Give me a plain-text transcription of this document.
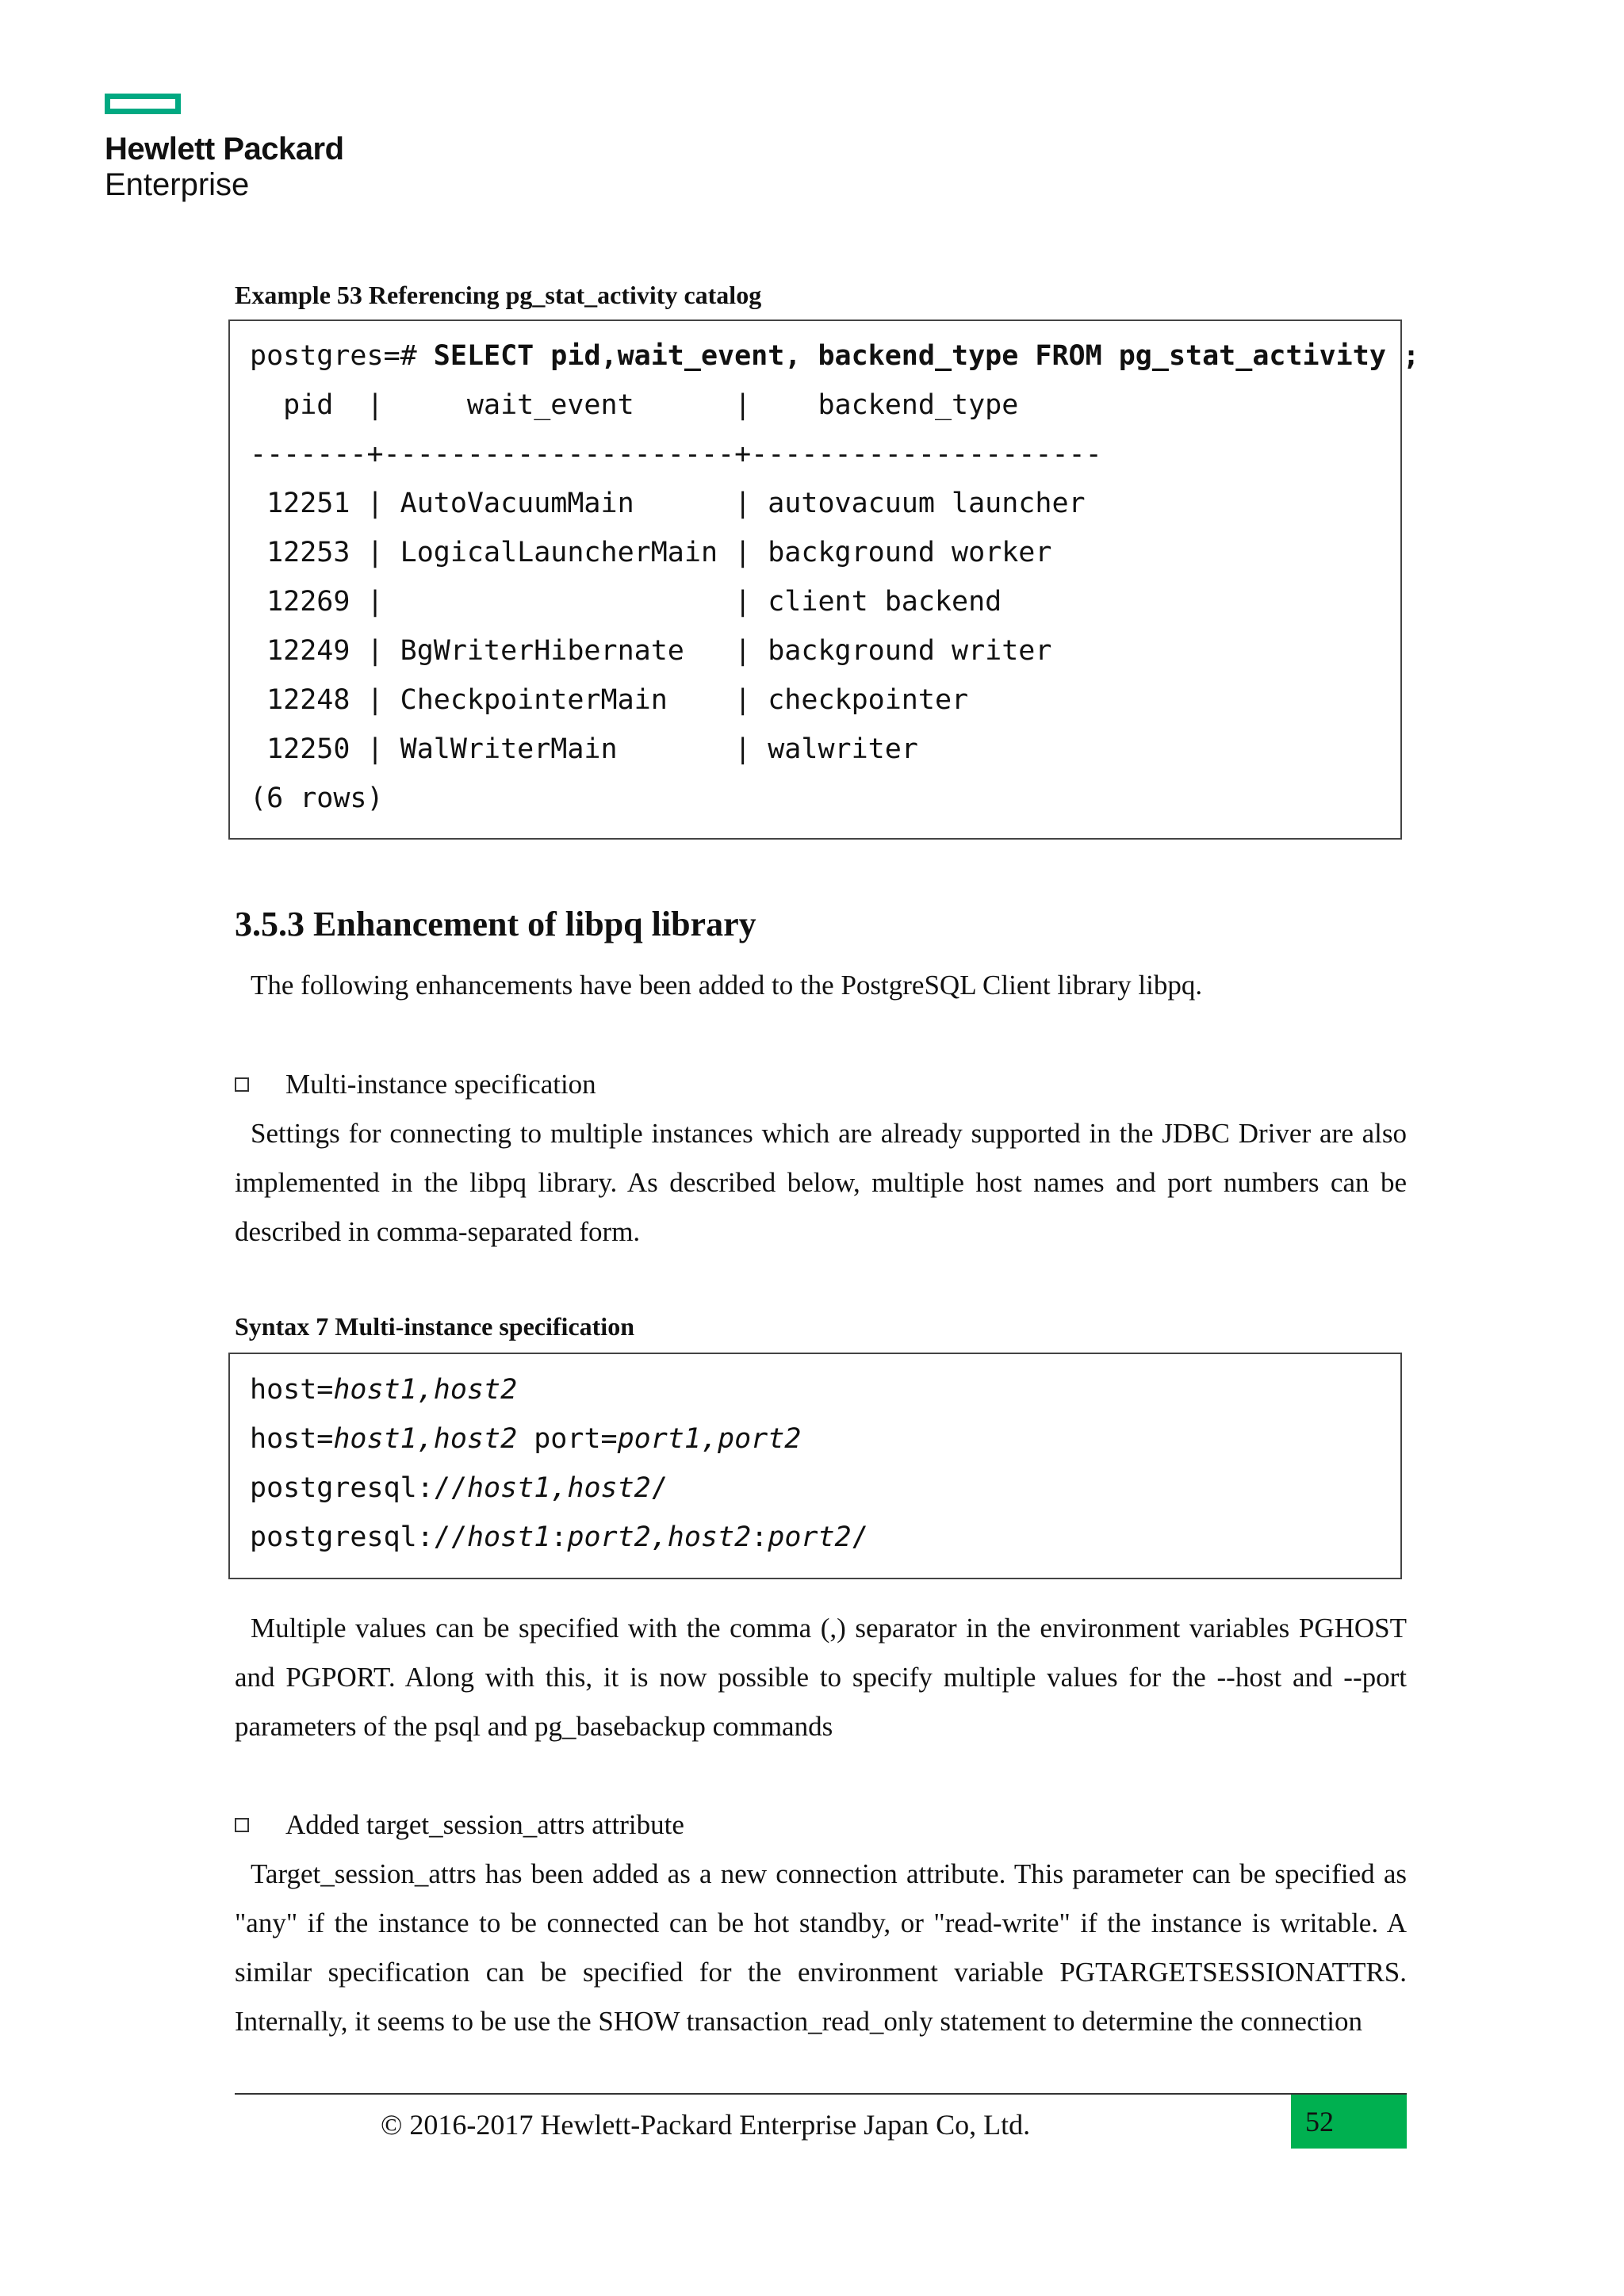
Hewlett Packard
Enterprise
Example 53 Referencing pg_stat_activity catalog
postgres=# SELECT pid,wait_event, backend_type FROM pg_stat_activity ;
pid  |     wait_event      |    backend_type
-------+---------------------+---------------------
12251 | AutoVacuumMain      | autovacuum launcher
12253 | LogicalLauncherMain | background worker
12269 |                     | client backend
12249 | BgWriterHibernate   | background writer
12248 | CheckpointerMain    | checkpointer
12250 | WalWriterMain       | walwriter
(6 rows)
3.5.3 Enhancement of libpq library
The following enhancements have been added to the PostgreSQL Client library libpq.
Multi-instance specification
Settings for connecting to multiple instances which are already supported in the JDBC Driver are also implemented in the libpq library. As described below, multiple host names and port numbers can be described in comma-separated form.
Syntax 7 Multi-instance specification
host=host1,host2
host=host1,host2 port=port1,port2
postgresql://host1,host2/
postgresql://host1:port2,host2:port2/
Multiple values can be specified with the comma (,) separator in the environment variables PGHOST and PGPORT. Along with this, it is now possible to specify multiple values for the --host and --port parameters of the psql and pg_basebackup commands
Added target_session_attrs attribute
Target_session_attrs has been added as a new connection attribute. This parameter can be specified as "any" if the instance to be connected can be hot standby, or "read-write" if the instance is writable. A similar specification can be specified for the environment variable PGTARGETSESSIONATTRS. Internally, it seems to be use the SHOW transaction_read_only statement to determine the connection
© 2016-2017 Hewlett-Packard Enterprise Japan Co, Ltd.	52
